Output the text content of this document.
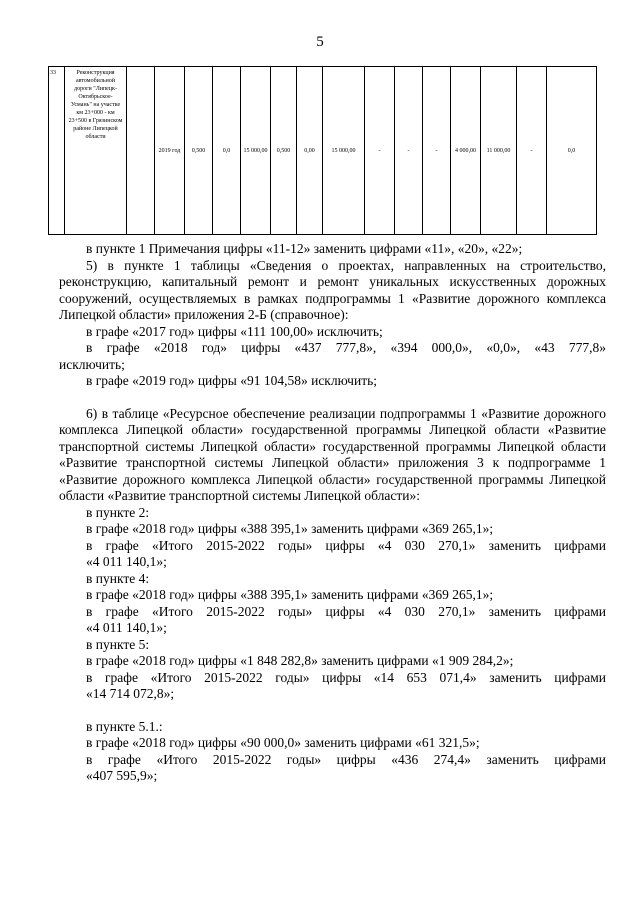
5
33	Реконструкция автомобильной дороги "Липецк-Октябрьское-Усмань" на участке км 23+000 - км 23+500 в Грязинском районе Липецкой области		2019 год	0,500	0,0	15 000,00	0,500	0,00	15 000,00	-	-	-	4 000,00	11 000,00	-	0,0

в пункте 1 Примечания цифры «11-12» заменить цифрами «11», «20», «22»;

5) в пункте 1 таблицы «Сведения о проектах, направленных на строительство, реконструкцию, капитальный ремонт и ремонт уникальных искусственных дорожных сооружений, осуществляемых в рамках подпрограммы 1 «Развитие дорожного комплекса Липецкой области» приложения 2-Б (справочное):

в графе «2017 год» цифры «111 100,00» исключить;

в графе «2018 год» цифры «437 777,8», «394 000,0», «0,0», «43 777,8»

исключить;

в графе «2019 год» цифры «91 104,58» исключить;

6) в таблице «Ресурсное обеспечение реализации подпрограммы 1 «Развитие дорожного комплекса Липецкой области» государственной программы Липецкой области «Развитие транспортной системы Липецкой области» государственной программы Липецкой области «Развитие транспортной системы Липецкой области» приложения 3 к подпрограмме 1 «Развитие дорожного комплекса Липецкой области» государственной программы Липецкой области «Развитие транспортной системы Липецкой области»:

в пункте 2:

в графе «2018 год» цифры «388 395,1» заменить цифрами «369 265,1»;

в графе «Итого 2015-2022 годы» цифры «4 030 270,1» заменить цифрами

«4 011 140,1»;

в пункте 4:

в графе «2018 год» цифры «388 395,1» заменить цифрами «369 265,1»;

в графе «Итого 2015-2022 годы» цифры «4 030 270,1» заменить цифрами

«4 011 140,1»;

в пункте 5:

в графе «2018 год» цифры «1 848 282,8» заменить цифрами «1 909 284,2»;

в графе «Итого 2015-2022 годы» цифры «14 653 071,4» заменить цифрами

«14 714 072,8»;

в пункте 5.1.:

в графе «2018 год» цифры «90 000,0» заменить цифрами «61 321,5»;

в графе «Итого 2015-2022 годы» цифры «436 274,4» заменить цифрами

«407 595,9»;
